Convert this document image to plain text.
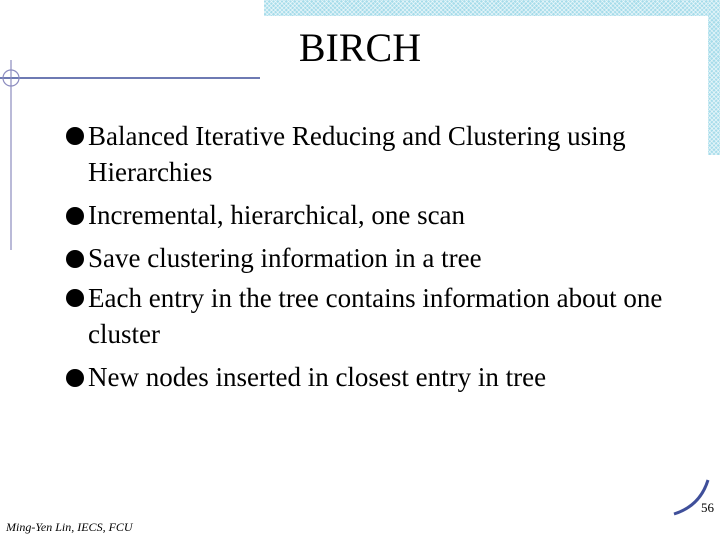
BIRCH
Balanced Iterative Reducing and Clustering using Hierarchies
Incremental, hierarchical, one scan
Save clustering information in a tree
Each entry in the tree contains information about one cluster
New nodes inserted in closest entry in tree
56
Ming-Yen Lin, IECS, FCU
